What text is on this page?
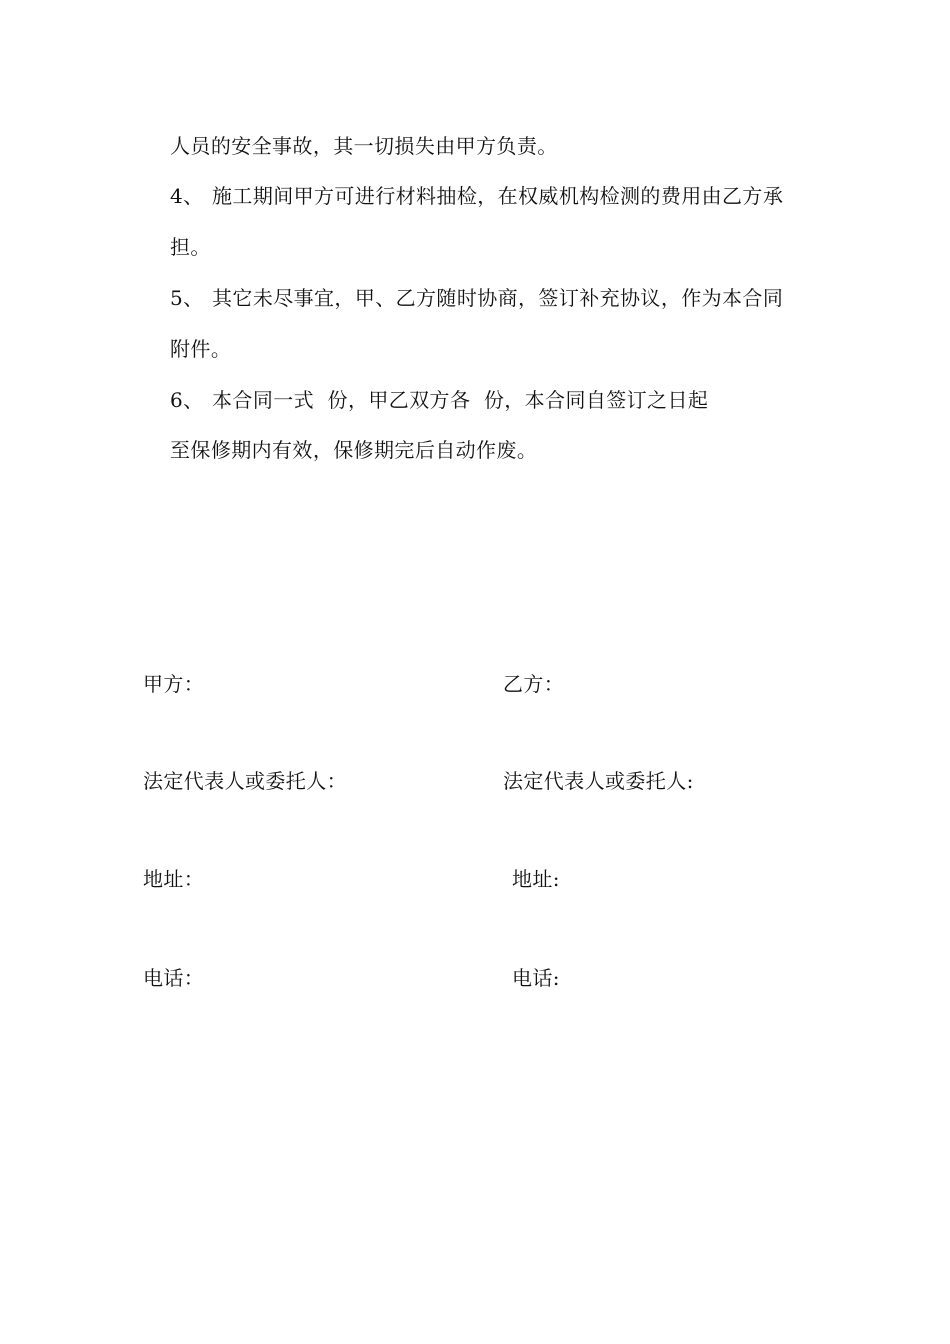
人员的安全事故，其一切损失由甲方负责。

4、 施工期间甲方可进行材料抽检，在权威机构检测的费用由乙方承

担。

5、 其它未尽事宜，甲、乙方随时协商，签订补充协议，作为本合同

附件。

6、 本合同一式  份，甲乙双方各  份，本合同自签订之日起

至保修期内有效，保修期完后自动作废。

甲方：	乙方：
法定代表人或委托人：	法定代表人或委托人:
地址：	地址:
电话：	电话:
